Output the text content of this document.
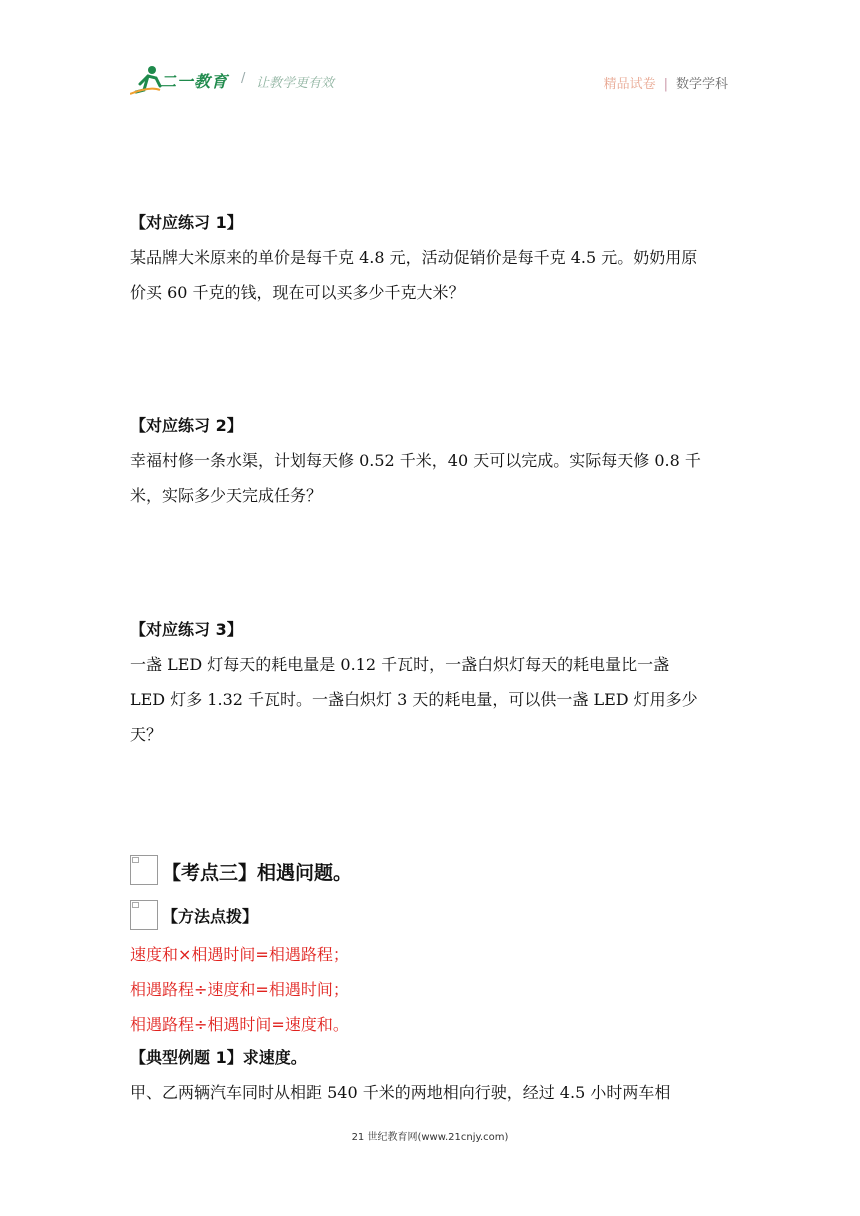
二一教育 / 让教学更有效	精品试卷 | 数学学科
【对应练习 1】
某品牌大米原来的单价是每千克 4.8 元，活动促销价是每千克 4.5 元。奶奶用原
价买 60 千克的钱，现在可以买多少千克大米？
【对应练习 2】
幸福村修一条水渠，计划每天修 0.52 千米，40 天可以完成。实际每天修 0.8 千
米，实际多少天完成任务？
【对应练习 3】
一盏 LED 灯每天的耗电量是 0.12 千瓦时，一盏白炽灯每天的耗电量比一盏
LED 灯多 1.32 千瓦时。一盏白炽灯 3 天的耗电量，可以供一盏 LED 灯用多少
天？
【考点三】相遇问题。
【方法点拨】
速度和×相遇时间=相遇路程；
相遇路程÷速度和=相遇时间；
相遇路程÷相遇时间=速度和。
【典型例题 1】求速度。
甲、乙两辆汽车同时从相距 540 千米的两地相向行驶，经过 4.5 小时两车相
21 世纪教育网(www.21cnjy.com)
